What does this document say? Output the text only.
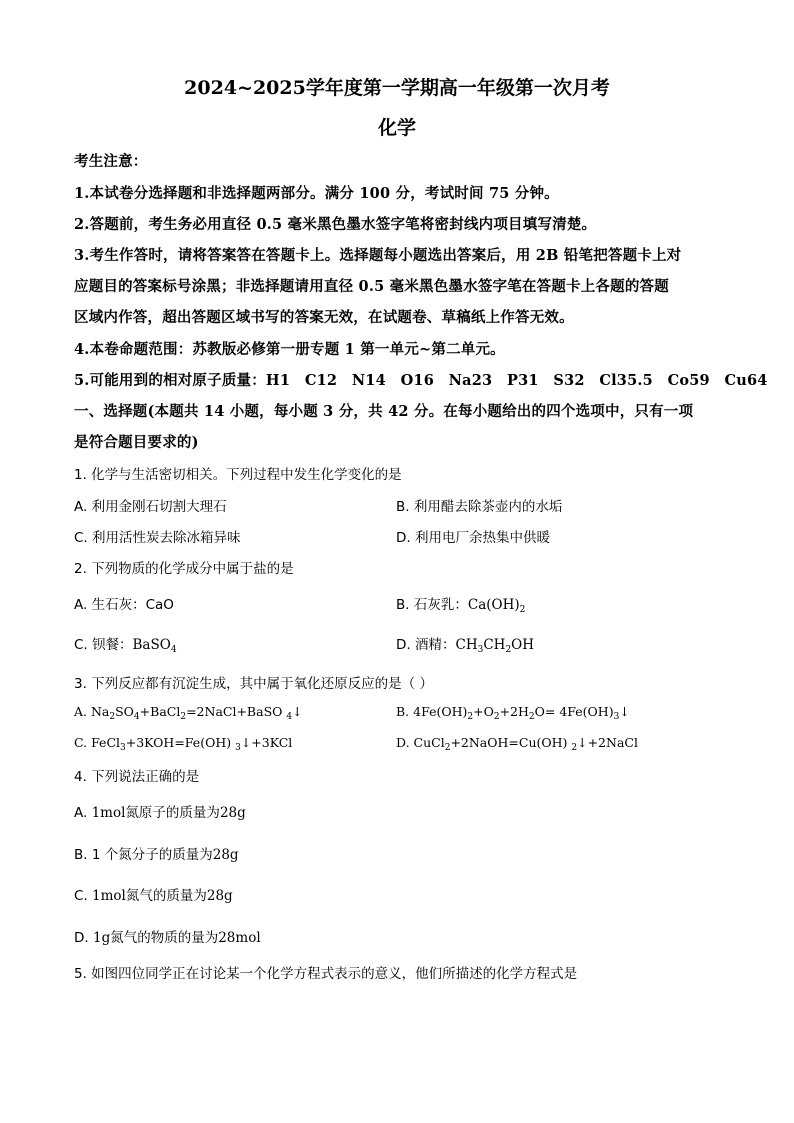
2024~2025学年度第一学期高一年级第一次月考
化学
考生注意：
1.本试卷分选择题和非选择题两部分。满分 100 分，考试时间 75 分钟。
2.答题前，考生务必用直径 0.5 毫米黑色墨水签字笔将密封线内项目填写清楚。
3.考生作答时，请将答案答在答题卡上。选择题每小题选出答案后，用 2B 铅笔把答题卡上对
应题目的答案标号涂黑；非选择题请用直径 0.5 毫米黑色墨水签字笔在答题卡上各题的答题
区域内作答，超出答题区域书写的答案无效，在试题卷、草稿纸上作答无效。
4.本卷命题范围：苏教版必修第一册专题 1 第一单元~第二单元。
5.可能用到的相对原子质量：H1　C12　N14　O16　Na23　P31　S32　Cl35.5　Co59　Cu64
一、选择题(本题共 14 小题，每小题 3 分，共 42 分。在每小题给出的四个选项中，只有一项
是符合题目要求的)
1. 化学与生活密切相关。下列过程中发生化学变化的是
A. 利用金刚石切割大理石	B. 利用醋去除茶壶内的水垢
C. 利用活性炭去除冰箱异味	D. 利用电厂余热集中供暖
2. 下列物质的化学成分中属于盐的是
A. 生石灰：CaO	B. 石灰乳：$Ca(OH)_2$
C. 钡餐：BaSO$_4$	D. 酒精：$CH_3CH_2OH$
3. 下列反应都有沉淀生成，其中属于氧化还原反应的是（ ）
A. $Na_2SO_4+BaCl_2=2NaCl+BaSO$ $_4$↓	B. $4Fe(OH)_2+O_2+2H_2O=$ $4Fe(OH)_3↓$
C. FeCl$_3$+3KOH=Fe(OH) $_3$↓+3KCl	D. CuCl$_2$+2NaOH=Cu(OH) $_2$↓+2NaCl
4. 下列说法正确的是
A. 1mol氮原子的质量为28g
B. 1 个氮分子的质量为28g
C. 1mol氮气的质量为28g
D. 1g氮气的物质的量为28mol
5. 如图四位同学正在讨论某一个化学方程式表示的意义，他们所描述的化学方程式是
